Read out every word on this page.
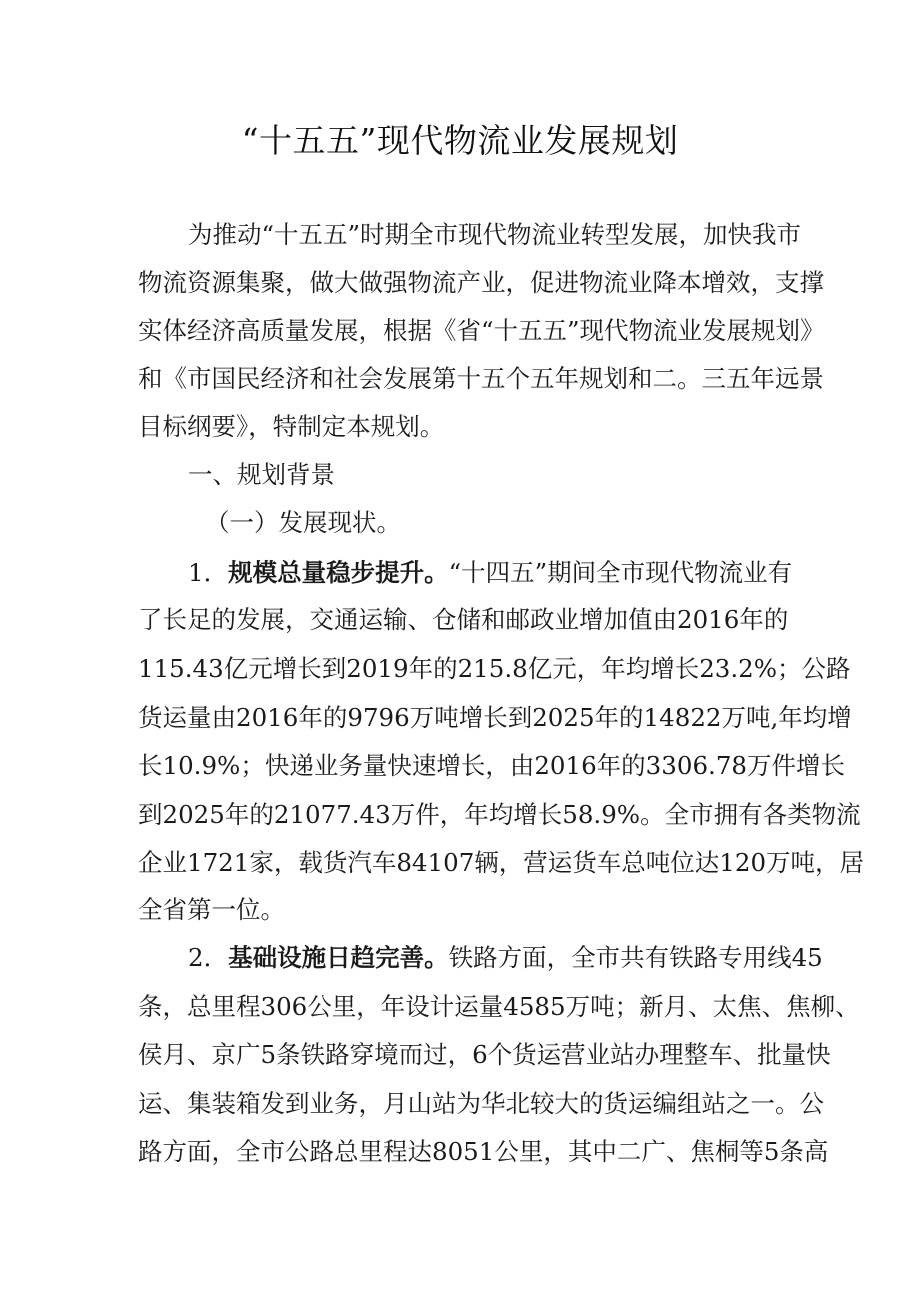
“十五五”现代物流业发展规划
为推动“十五五”时期全市现代物流业转型发展，加快我市
物流资源集聚，做大做强物流产业，促进物流业降本增效，支撑
实体经济高质量发展，根据《省“十五五”现代物流业发展规划》
和《市国民经济和社会发展第十五个五年规划和二。三五年远景
目标纲要》，特制定本规划。
一、规划背景
（一）发展现状。
1．规模总量稳步提升。“十四五”期间全市现代物流业有
了长足的发展，交通运输、仓储和邮政业增加值由2016年的
115.43亿元增长到2019年的215.8亿元，年均增长23.2%；公路
货运量由2016年的9796万吨增长到2025年的14822万吨,年均增
长10.9%；快递业务量快速增长，由2016年的3306.78万件增长
到2025年的21077.43万件，年均增长58.9%。全市拥有各类物流
企业1721家，载货汽车84107辆，营运货车总吨位达120万吨，居
全省第一位。
2．基础设施日趋完善。铁路方面，全市共有铁路专用线45
条，总里程306公里，年设计运量4585万吨；新月、太焦、焦柳、
侯月、京广5条铁路穿境而过，6个货运营业站办理整车、批量快
运、集装箱发到业务，月山站为华北较大的货运编组站之一。公
路方面，全市公路总里程达8051公里，其中二广、焦桐等5条高
